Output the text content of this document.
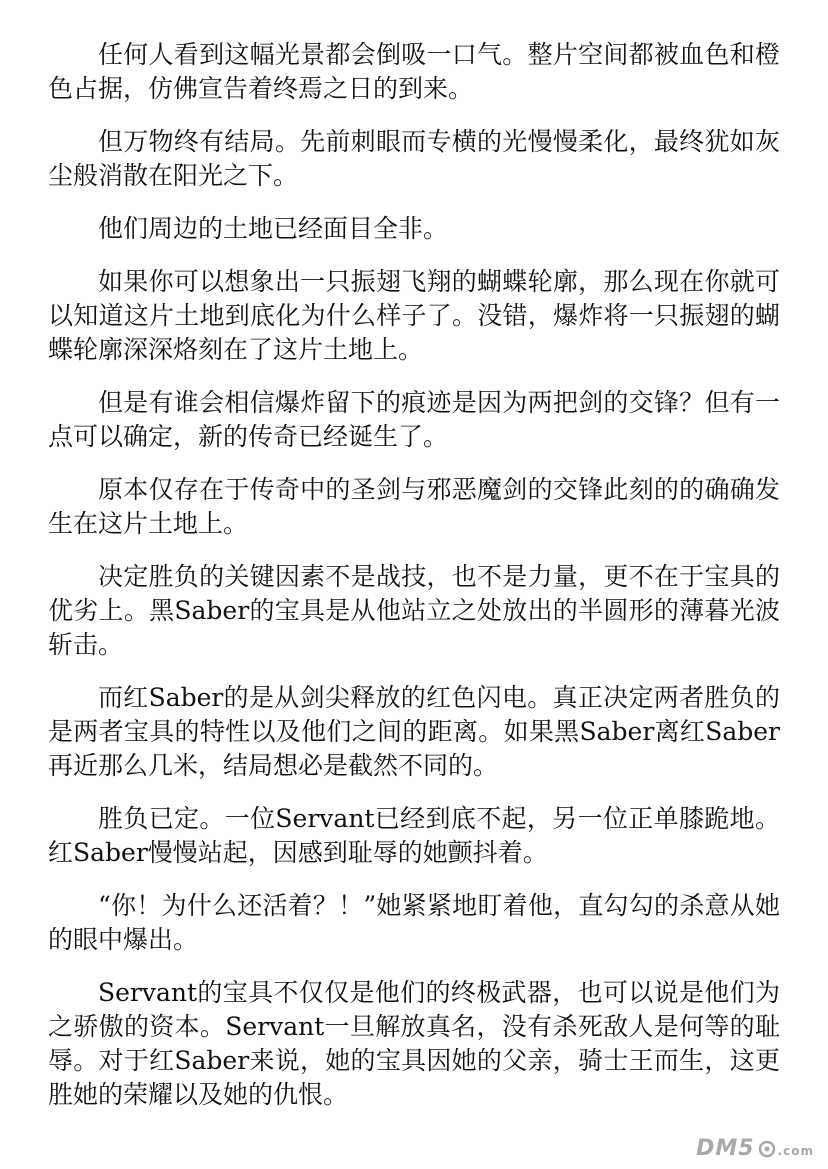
任何人看到这幅光景都会倒吸一口气。整片空间都被血色和橙色占据，仿佛宣告着终焉之日的到来。

但万物终有结局。先前刺眼而专横的光慢慢柔化，最终犹如灰尘般消散在阳光之下。

他们周边的土地已经面目全非。

如果你可以想象出一只振翅飞翔的蝴蝶轮廓，那么现在你就可以知道这片土地到底化为什么样子了。没错，爆炸将一只振翅的蝴蝶轮廓深深烙刻在了这片土地上。

但是有谁会相信爆炸留下的痕迹是因为两把剑的交锋？但有一点可以确定，新的传奇已经诞生了。

原本仅存在于传奇中的圣剑与邪恶魔剑的交锋此刻的的确确发生在这片土地上。

决定胜负的关键因素不是战技，也不是力量，更不在于宝具的优劣上。黑Saber的宝具是从他站立之处放出的半圆形的薄暮光波斩击。

而红Saber的是从剑尖释放的红色闪电。真正决定两者胜负的是两者宝具的特性以及他们之间的距离。如果黑Saber离红Saber再近那么几米，结局想必是截然不同的。

胜负已定。一位Servant已经到底不起，另一位正单膝跪地。红Saber慢慢站起，因感到耻辱的她颤抖着。

“你！为什么还活着？！”她紧紧地盯着他，直勾勾的杀意从她的眼中爆出。

Servant的宝具不仅仅是他们的终极武器，也可以说是他们为之骄傲的资本。Servant一旦解放真名，没有杀死敌人是何等的耻辱。对于红Saber来说，她的宝具因她的父亲，骑士王而生，这更胜她的荣耀以及她的仇恨。

DM5 .com
